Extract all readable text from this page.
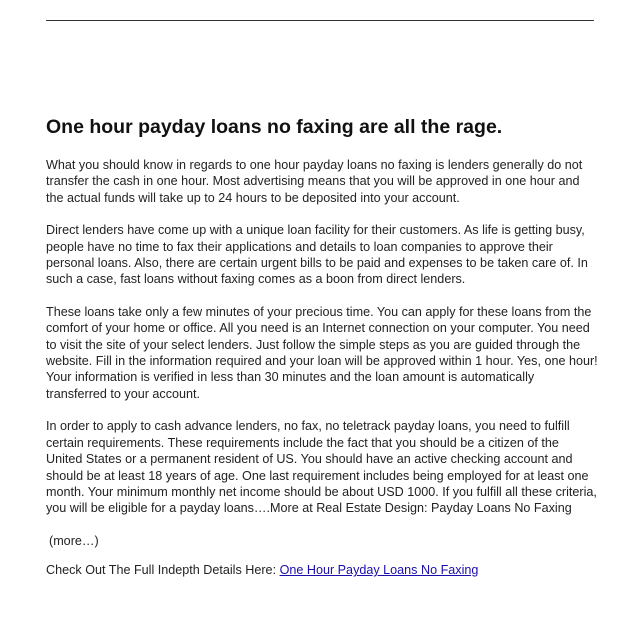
One hour payday loans no faxing are all the rage.

What you should know in regards to one hour payday loans no faxing is lenders generally do not transfer the cash in one hour. Most advertising means that you will be approved in one hour and the actual funds will take up to 24 hours to be deposited into your account.

Direct lenders have come up with a unique loan facility for their customers. As life is getting busy, people have no time to fax their applications and details to loan companies to approve their personal loans. Also, there are certain urgent bills to be paid and expenses to be taken care of. In such a case, fast loans without faxing comes as a boon from direct lenders.

These loans take only a few minutes of your precious time. You can apply for these loans from the comfort of your home or office. All you need is an Internet connection on your computer. You need to visit the site of your select lenders. Just follow the simple steps as you are guided through the website. Fill in the information required and your loan will be approved within 1 hour. Yes, one hour! Your information is verified in less than 30 minutes and the loan amount is automatically transferred to your account.

In order to apply to cash advance lenders, no fax, no teletrack payday loans, you need to fulfill certain requirements. These requirements include the fact that you should be a citizen of the United States or a permanent resident of US. You should have an active checking account and should be at least 18 years of age. One last requirement includes being employed for at least one month. Your minimum monthly net income should be about USD 1000. If you fulfill all these criteria, you will be eligible for a payday loans….More at Real Estate Design: Payday Loans No Faxing

(more…)

Check Out The Full Indepth Details Here: One Hour Payday Loans No Faxing
